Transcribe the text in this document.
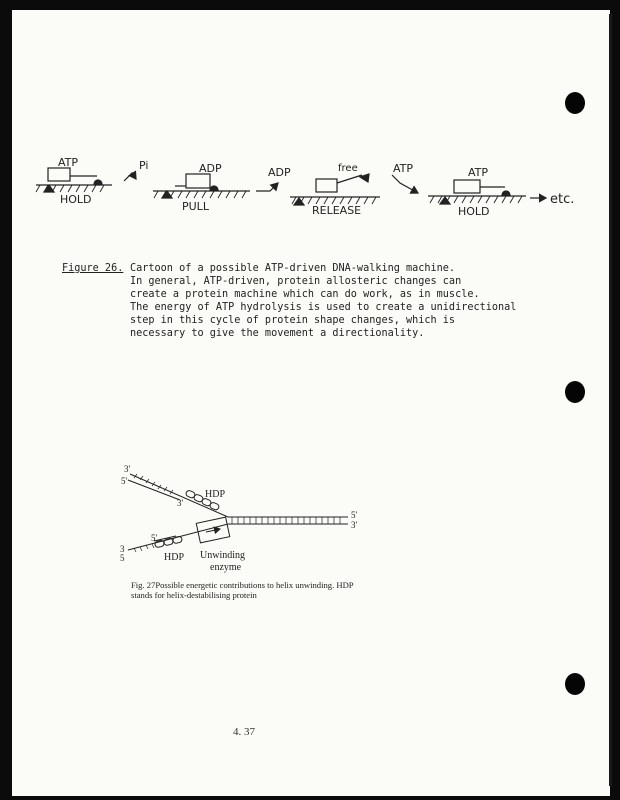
ATP
HOLD
Pi	ADP
PULL
ADP	free
RELEASE
ATP	ATP
HOLD
etc.
3'
5'
3'
HDP
5'
3'
5'
3
5	HDP Unwinding
enzyme
Figure 26. Cartoon of a possible ATP-driven DNA-walking machine.
In general, ATP-driven, protein allosteric changes can
create a protein machine which can do work, as in muscle.
The energy of ATP hydrolysis is used to create a unidirectional
step in this cycle of protein shape changes, which is
necessary to give the movement a directionality.
Fig. 27Possible energetic contributions to helix unwinding. HDP
stands for helix-destabilising protein
4. 37
